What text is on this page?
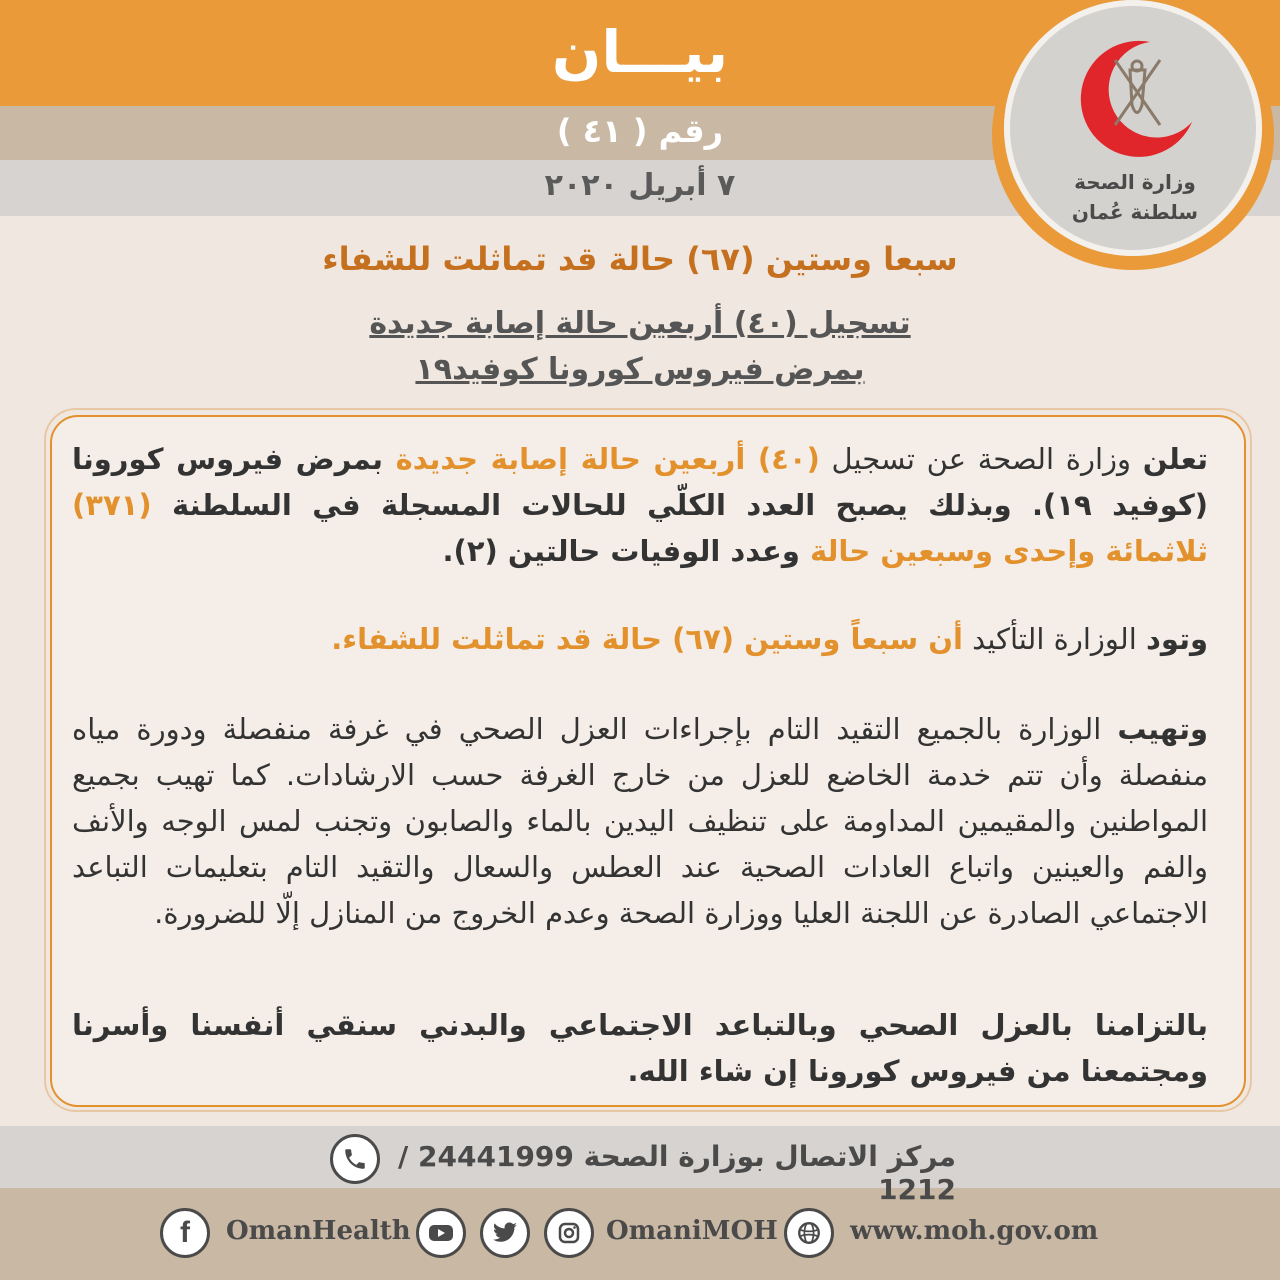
بيـــان
رقم ( ٤١ )
٧ أبريل ٢٠٢٠	وزارة الصحة
سلطنة عُمان
سبعا وستين (٦٧) حالة قد تماثلت للشفاء
تسجيل (٤٠) أربعين حالة إصابة جديدة
بمرض فيروس كورونا كوفيد١٩
تعلن وزارة الصحة عن تسجيل (٤٠) أربعين حالة إصابة جديدة بمرض فيروس كورونا (كوفيد ١٩). وبذلك يصبح العدد الكلّي للحالات المسجلة في السلطنة (٣٧١) ثلاثمائة وإحدى وسبعين حالة وعدد الوفيات حالتين (٢).
وتود الوزارة التأكيد أن سبعاً وستين (٦٧) حالة قد تماثلت للشفاء.
وتهيب الوزارة بالجميع التقيد التام بإجراءات العزل الصحي في غرفة منفصلة ودورة مياه منفصلة وأن تتم خدمة الخاضع للعزل من خارج الغرفة حسب الارشادات. كما تهيب بجميع المواطنين والمقيمين المداومة على تنظيف اليدين بالماء والصابون وتجنب لمس الوجه والأنف والفم والعينين واتباع العادات الصحية عند العطس والسعال والتقيد التام بتعليمات التباعد الاجتماعي الصادرة عن اللجنة العليا ووزارة الصحة وعدم الخروج من المنازل إلّا للضرورة.
بالتزامنا بالعزل الصحي وبالتباعد الاجتماعي والبدني سنقي أنفسنا وأسرنا ومجتمعنا من فيروس كورونا إن شاء الله.
مركز الاتصال بوزارة الصحة 24441999 / 1212
f OmanHealth	OmaniMOH	www.moh.gov.om
